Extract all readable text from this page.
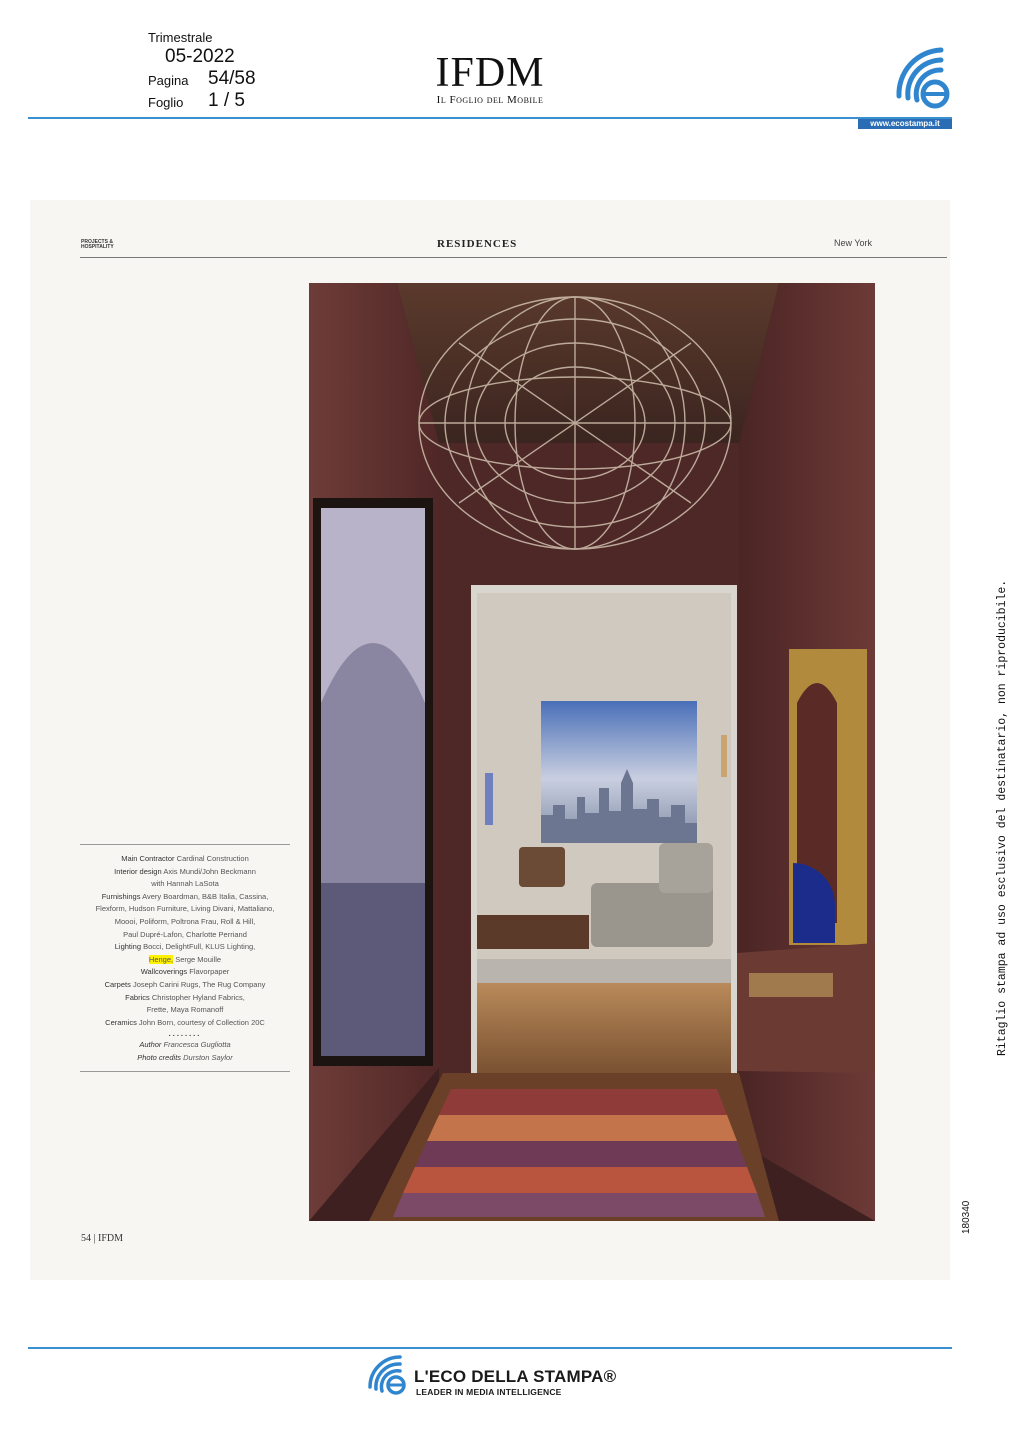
Trimestrale
05-2022
Pagina 54/58
Foglio 1 / 5
IFDM
Il Foglio del Mobile
www.ecostampa.it
PROJECTS &
HOSPITALITY	RESIDENCES	New York
Main Contractor Cardinal Construction
Interior design Axis Mundi/John Beckmann
with Hannah LaSota
Furnishings Avery Boardman, B&B Italia, Cassina,
Flexform, Hudson Furniture, Living Divani, Mattaliano,
Moooi, Poliform, Poltrona Frau, Roll & Hill,
Paul Dupré-Lafon, Charlotte Perriand
Lighting Bocci, DelightFull, KLUS Lighting,
Henge, Serge Mouille
Wallcoverings Flavorpaper
Carpets Joseph Carini Rugs, The Rug Company
Fabrics Christopher Hyland Fabrics,
Frette, Maya Romanoff
Ceramics John Born, courtesy of Collection 20C
........
Author Francesca Gugliotta
Photo credits Durston Saylor
54 | IFDM
Ritaglio stampa ad uso esclusivo del destinatario, non riproducibile.
180340
L'ECO DELLA STAMPA®
LEADER IN MEDIA INTELLIGENCE
